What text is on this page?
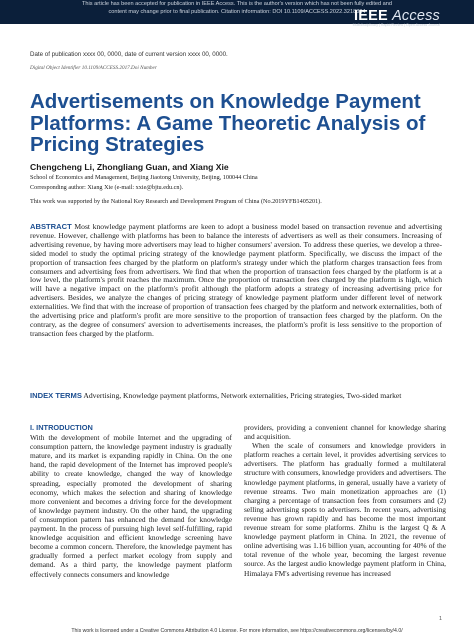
This article has been accepted for publication in IEEE Access. This is the author's version which has not been fully edited and
content may change prior to final publication. Citation information: DOI 10.1109/ACCESS.2022.3218804
IEEE Access
Multidisciplinary | Rapid Review | Open Access Journal
Date of publication xxxx 00, 0000, date of current version xxxx 00, 0000.
Digital Object Identifier 10.1109/ACCESS.2017.Doi Number
Advertisements on Knowledge Payment Platforms: A Game Theoretic Analysis of Pricing Strategies
Chengcheng Li, Zhongliang Guan, and Xiang Xie
School of Economics and Management, Beijing Jiaotong University, Beijing, 100044 China
Corresponding author: Xiang Xie (e-mail: xxie@bjtu.edu.cn).
This work was supported by the National Key Research and Development Program of China (No.2019YFB1405201).

ABSTRACT Most knowledge payment platforms are keen to adopt a business model based on transaction revenue and advertising revenue. However, challenge with platforms has been to balance the interests of advertisers as well as their consumers. Increasing of advertising revenue, by having more advertisers may lead to higher consumers' aversion. To address these queries, we develop a three-sided model to study the optimal pricing strategy of the knowledge payment platform. Specifically, we discuss the impact of the proportion of transaction fees charged by the platform on platform's strategy under which the platform charges transaction fees from consumers and advertising fees from advertisers. We find that when the proportion of transaction fees charged by the platform is at a low level, the platform's profit reaches the maximum. Once the proportion of transaction fees charged by the platform is high, which will have a negative impact on the platform's profit although the platform adopts a strategy of increasing advertising price for advertisers. Besides, we analyze the changes of pricing strategy of knowledge payment platform under different level of network externalities. We find that with the increase of proportion of transaction fees charged by the platform and network externalities, both of the advertising price and platform's profit are more sensitive to the proportion of transaction fees charged by the platform. On the contrary, as the degree of consumers' aversion to advertisements increases, the platform's profit is less sensitive to the proportion of transaction fees charged by the platform.

INDEX TERMS Advertising, Knowledge payment platforms, Network externalities, Pricing strategies, Two-sided market

I. INTRODUCTION

With the development of mobile Internet and the upgrading of consumption pattern, the knowledge payment industry is gradually mature, and its market is expanding rapidly in China. On the one hand, the rapid development of the Internet has improved people's ability to create knowledge, changed the way of knowledge spreading, especially promoted the development of sharing economy, which makes the selection and sharing of knowledge more convenient and becomes a driving force for the development of knowledge payment industry. On the other hand, the upgrading of consumption pattern has enhanced the demand for knowledge payment. In the process of pursuing high level self-fulfilling, rapid knowledge acquisition and efficient knowledge screening have become a common concern. Therefore, the knowledge payment has gradually formed a perfect market ecology from supply and demand. As a third party, the knowledge payment platform effectively connects consumers and knowledge

providers, providing a convenient channel for knowledge sharing and acquisition.

When the scale of consumers and knowledge providers in platform reaches a certain level, it provides advertising services to advertisers. The platform has gradually formed a multilateral structure with consumers, knowledge providers and advertisers. The knowledge payment platforms, in general, usually have a variety of revenue streams. Two main monetization approaches are (1) charging a percentage of transaction fees from consumers and (2) selling advertising spots to advertisers. In recent years, advertising revenue has grown rapidly and has become the most important revenue stream for some platforms. Zhihu is the largest Q & A knowledge payment platform in China. In 2021, the revenue of online advertising was 1.16 billion yuan, accounting for 40% of the total revenue of the whole year, becoming the largest revenue source. As the largest audio knowledge payment platform in China, Himalaya FM's advertising revenue has increased

1
This work is licensed under a Creative Commons Attribution 4.0 License. For more information, see https://creativecommons.org/licenses/by/4.0/
